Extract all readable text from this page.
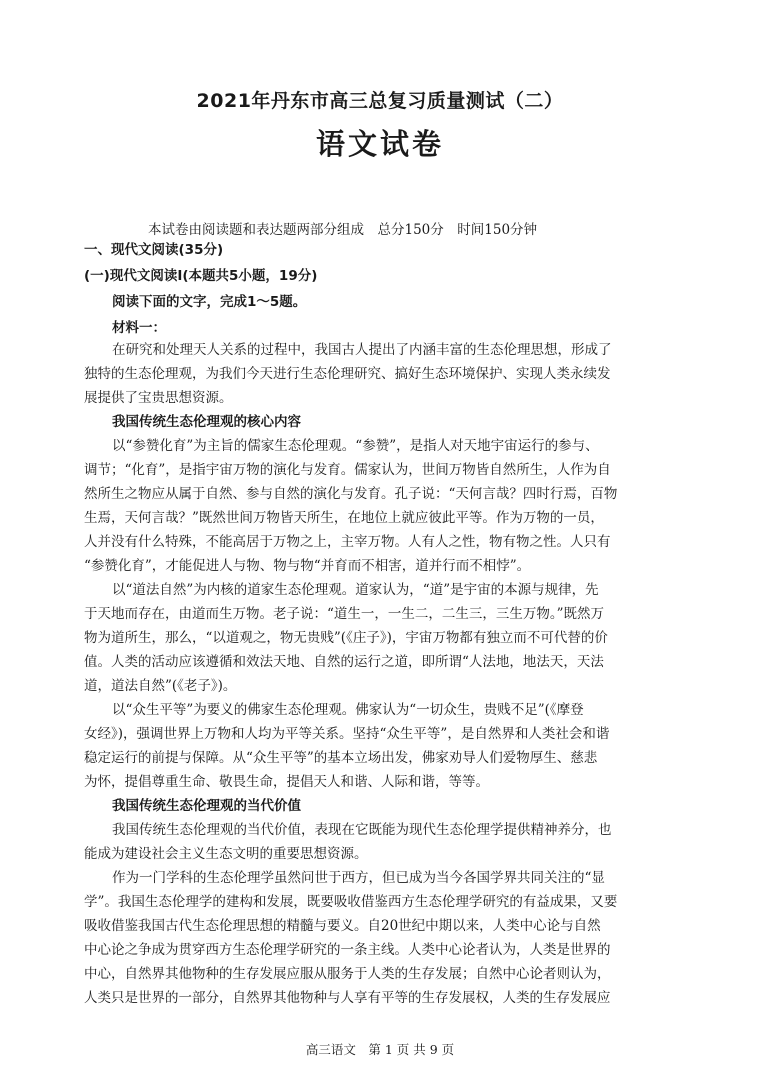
2021年丹东市高三总复习质量测试（二）
语文试卷
本试卷由阅读题和表达题两部分组成　总分150分　时间150分钟
一、现代文阅读(35分)
(一)现代文阅读Ⅰ(本题共5小题，19分)
阅读下面的文字，完成1～5题。
材料一：
在研究和处理天人关系的过程中，我国古人提出了内涵丰富的生态伦理思想，形成了
独特的生态伦理观，为我们今天进行生态伦理研究、搞好生态环境保护、实现人类永续发
展提供了宝贵思想资源。
我国传统生态伦理观的核心内容
以“参赞化育”为主旨的儒家生态伦理观。“参赞”，是指人对天地宇宙运行的参与、
调节；“化育”，是指宇宙万物的演化与发育。儒家认为，世间万物皆自然所生，人作为自
然所生之物应从属于自然、参与自然的演化与发育。孔子说：“天何言哉？四时行焉，百物
生焉，天何言哉？”既然世间万物皆天所生，在地位上就应彼此平等。作为万物的一员，
人并没有什么特殊，不能高居于万物之上，主宰万物。人有人之性，物有物之性。人只有
“参赞化育”，才能促进人与物、物与物“并育而不相害，道并行而不相悖”。
以“道法自然”为内核的道家生态伦理观。道家认为，“道”是宇宙的本源与规律，先
于天地而存在，由道而生万物。老子说：“道生一，一生二，二生三，三生万物。”既然万
物为道所生，那么，“以道观之，物无贵贱”(《庄子》)，宇宙万物都有独立而不可代替的价
值。人类的活动应该遵循和效法天地、自然的运行之道，即所谓“人法地，地法天，天法
道，道法自然”(《老子》)。
以“众生平等”为要义的佛家生态伦理观。佛家认为“一切众生，贵贱不足”(《摩登
女经》)，强调世界上万物和人均为平等关系。坚持“众生平等”，是自然界和人类社会和谐
稳定运行的前提与保障。从“众生平等”的基本立场出发，佛家劝导人们爱物厚生、慈悲
为怀，提倡尊重生命、敬畏生命，提倡天人和谐、人际和谐，等等。
我国传统生态伦理观的当代价值
我国传统生态伦理观的当代价值，表现在它既能为现代生态伦理学提供精神养分，也
能成为建设社会主义生态文明的重要思想资源。
作为一门学科的生态伦理学虽然问世于西方，但已成为当今各国学界共同关注的“显
学”。我国生态伦理学的建构和发展，既要吸收借鉴西方生态伦理学研究的有益成果，又要
吸收借鉴我国古代生态伦理思想的精髓与要义。自20世纪中期以来，人类中心论与自然
中心论之争成为贯穿西方生态伦理学研究的一条主线。人类中心论者认为，人类是世界的
中心，自然界其他物种的生存发展应服从服务于人类的生存发展；自然中心论者则认为，
人类只是世界的一部分，自然界其他物种与人享有平等的生存发展权，人类的生存发展应
高三语文　第 1 页 共 9 页
